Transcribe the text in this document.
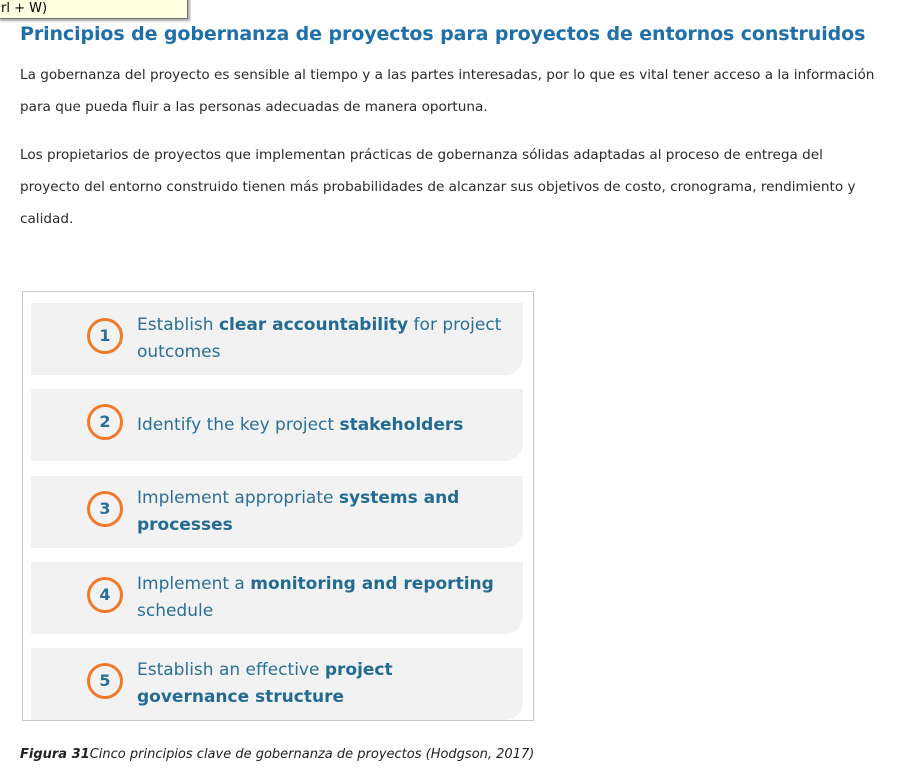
rl + W)
Principios de gobernanza de proyectos para proyectos de entornos construidos

La gobernanza del proyecto es sensible al tiempo y a las partes interesadas, por lo que es vital tener acceso a la información para que pueda fluir a las personas adecuadas de manera oportuna.

Los propietarios de proyectos que implementan prácticas de gobernanza sólidas adaptadas al proceso de entrega del proyecto del entorno construido tienen más probabilidades de alcanzar sus objetivos de costo, cronograma, rendimiento y calidad.

1
Establish clear accountability for project outcomes
2	Identify the key project stakeholders
3
Implement appropriate systems and processes
4
Implement a monitoring and reporting schedule
5
Establish an effective project governance structure

Figura 31Cinco principios clave de gobernanza de proyectos (Hodgson, 2017)
